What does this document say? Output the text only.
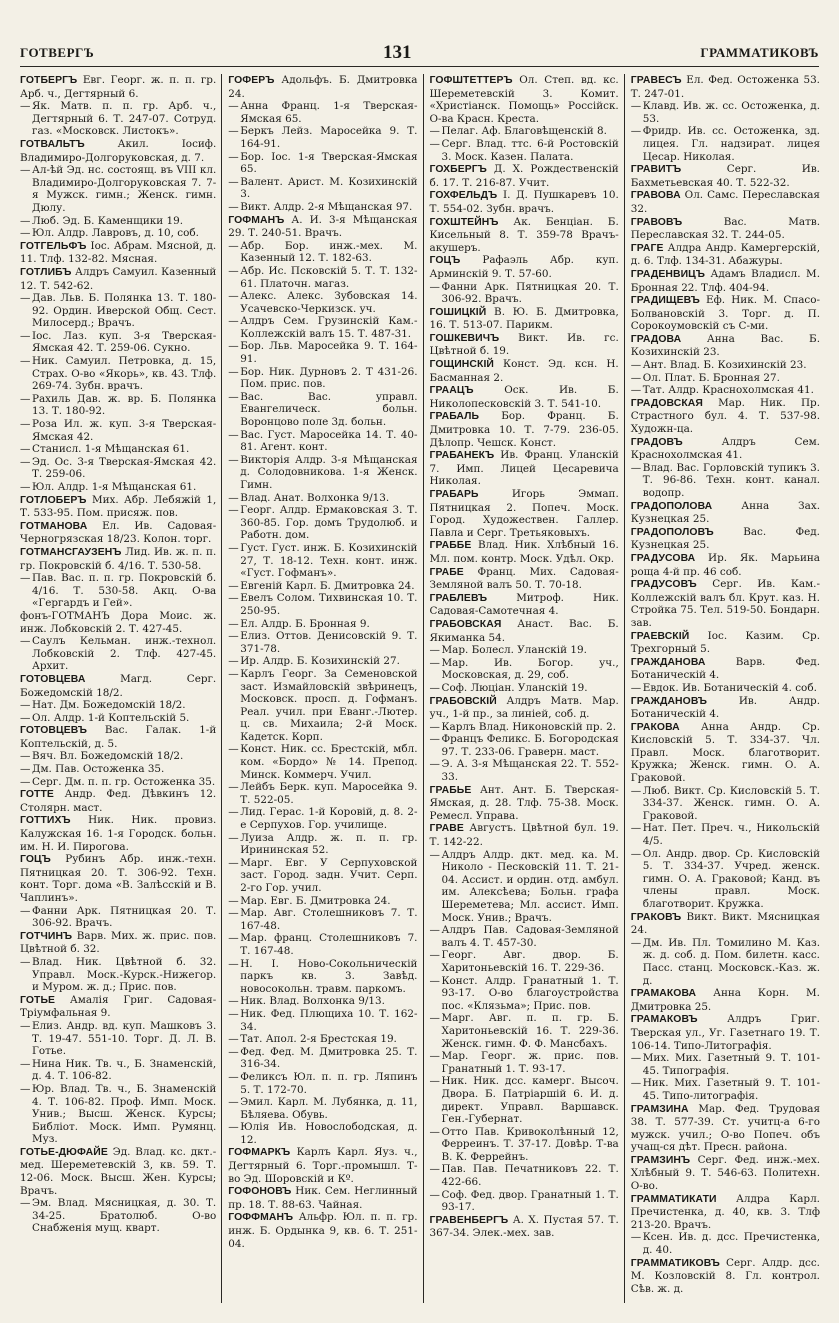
ГОТВЕРГЪ	131	ГРАММАТИКОВЪ

ГОТБЕРГЪ Евг. Георг. ж. п. п. гр. Арб. ч., Дегтярный 6.

— Як. Матв. п. п. гр. Арб. ч., Дегтярный 6. Т. 247-07. Сотруд. газ. «Московск. Листокъ».

ГОТВАЛЬТЪ Акил. Іосиф. Владимиро-Долгоруковская, д. 7.

— Ал-ѣй Эд. нс. состоящ. въ VIII кл. Владимиро-Долгоруковская 7. 7-я Мужск. гимн.; Женск. гимн. Дюлу.

— Люб. Эд. Б. Каменщики 19.

— Юл. Алдр. Лавровъ, д. 10, соб.

ГОТГЕЛЬФЪ Іос. Абрам. Мясной, д. 11. Тлф. 132-82. Мясная.

ГОТЛИБЪ Алдръ Самуил. Казенный 12. Т. 542-62.

— Дав. Льв. Б. Полянка 13. Т. 180-92. Ордин. Иверской Общ. Сест. Милосерд.; Врачъ.

— Іос. Лаз. куп. 3-я Тверская-Ямская 42. Т. 259-06. Сукно.

— Ник. Самуил. Петровка, д. 15, Страх. О-во «Якорь», кв. 43. Тлф. 269-74. Зубн. врачъ.

— Рахиль Дав. ж. вр. Б. Полянка 13. Т. 180-92.

— Роза Ил. ж. куп. 3-я Тверская-Ямская 42.

— Станисл. 1-я Мѣщанская 61.

— Эд. Ос. 3-я Тверская-Ямская 42. Т. 259-06.

— Юл. Алдр. 1-я Мѣщанская 61.

ГОТЛОБЕРЪ Мих. Абр. Лебяжій 1, Т. 533-95. Пом. присяж. пов.

ГОТМАНОВА Ел. Ив. Садовая-Черногрязская 18/23. Колон. торг.

ГОТМАНСГАУЗЕНЪ Лид. Ив. ж. п. п. гр. Покровскій б. 4/16. Т. 530-58.

— Пав. Вас. п. п. гр. Покровскій б. 4/16. Т. 530-58. Акц. О-ва «Гергардъ и Гей».

фонъ-ГОТМАНЪ Дора Моис. ж. инж. Лобковскій 2. Т. 427-45.

— Саулъ Кельман. инж.-технол. Лобковскій 2. Тлф. 427-45. Архит.

ГОТОВЦЕВА Магд. Серг. Божедомскій 18/2.

— Нат. Дм. Божедомскій 18/2.

— Ол. Алдр. 1-й Коптельскій 5.

ГОТОВЦЕВЪ Вас. Галак. 1-й Коптельскій, д. 5.

— Вяч. Вл. Божедомскій 18/2.

— Дм. Пав. Остоженка 35.

— Серг. Дм. п. п. гр. Остоженка 35.

ГОТТЕ Андр. Фед. Дѣвкинъ 12. Столярн. маст.

ГОТТИХЪ Ник. Ник. провиз. Калужская 16. 1-я Городск. больн. им. Н. И. Пирогова.

ГОЦЪ Рубинъ Абр. инж.-техн. Пятницкая 20. Т. 306-92. Техн. конт. Торг. дома «В. Залѣсскій и В. Чаплинъ».

— Фанни Арк. Пятницкая 20. Т. 306-92. Врачъ.

ГОТЧИНЪ Варв. Мих. ж. прис. пов. Цвѣтной б. 32.

— Влад. Ник. Цвѣтной б. 32. Управл. Моск.-Курск.-Нижегор. и Муром. ж. д.; Прис. пов.

ГОТЬЕ Амалія Григ. Садовая-Тріумфальная 9.

— Елиз. Андр. вд. куп. Машковъ 3. Т. 19-47. 551-10. Торг. Д. Л. В. Готье.

— Нина Ник. Тв. ч., Б. Знаменскій, д. 4. Т. 106-82.

— Юр. Влад. Тв. ч., Б. Знаменскій 4. Т. 106-82. Проф. Имп. Моск. Унив.; Высш. Женск. Курсы; Библіот. Моск. Имп. Румянц. Муз.

ГОТЬЕ-ДЮФАЙЕ Эд. Влад. кс. дкт.-мед. Шереметевскій 3, кв. 59. Т. 12-06. Моск. Высш. Жен. Курсы; Врачъ.

— Эм. Влад. Мясницкая, д. 30. Т. 34-25. Братолюб. О-во Снабженія мущ. кварт.

ГОФЕРЪ Адольфъ. Б. Дмитровка 24.

— Анна Франц. 1-я Тверская-Ямская 65.

— Беркъ Лейз. Маросейка 9. Т. 164-91.

— Бор. Іос. 1-я Тверская-Ямская 65.

— Валент. Арист. М. Козихинскій 3.

— Викт. Алдр. 2-я Мѣщанская 97.

ГОФМАНЪ А. И. 3-я Мѣщанская 29. Т. 240-51. Врачъ.

— Абр. Бор. инж.-мех. М. Казенный 12. Т. 182-63.

— Абр. Ис. Псковскій 5. Т. Т. 132-61. Платочн. магаз.

— Алекс. Алекс. Зубовская 14. Усачевско-Черкизск. уч.

— Алдръ Сем. Грузинскій Кам.-Коллежскій валъ 15. Т. 487-31.

— Бор. Льв. Маросейка 9. Т. 164-91.

— Бор. Ник. Дурновъ 2. Т 431-26. Пом. прис. пов.

— Вас. Вас. управл. Евангелическ. больн. Воронцово поле 3д. больн.

— Вас. Густ. Маросейка 14. Т. 40-81. Агент. конт.

— Викторія Алдр. 3-я Мѣщанская д. Солодовникова. 1-я Женск. Гимн.

— Влад. Анат. Волхонка 9/13.

— Георг. Алдр. Ермаковская 3. Т. 360-85. Гор. домъ Трудолюб. и Работн. дом.

— Густ. Густ. инж. Б. Козихинскій 27, Т. 18-12. Техн. конт. инж. «Густ. Гофманъ».

— Евгеній Карл. Б. Дмитровка 24.

— Евелъ Солом. Тихвинская 10. Т. 250-95.

— Ел. Алдр. Б. Бронная 9.

— Елиз. Оттов. Денисовскій 9. Т. 371-78.

— Ир. Алдр. Б. Козихинскій 27.

— Карлъ Георг. За Семеновской заст. Измайловскій звѣринецъ, Московск. просп. д. Гофманъ. Реал. учил. при Еванг.-Лютер. ц. св. Михаила; 2-й Моск. Кадетск. Корп.

— Конст. Ник. сс. Брестскій, мбл. ком. «Бордо» № 14. Препод. Минск. Коммерч. Учил.

— Лейбъ Берк. куп. Маросейка 9. Т. 522-05.

— Лид. Герас. 1-й Коровій, д. 8. 2-е Серпухов. Гор. училище.

— Луиза Алдр. ж. п. п. гр. Ирининская 52.

— Марг. Евг. У Серпуховской заст. Город. задн. Учит. Серп. 2-го Гор. учил.

— Мар. Евг. Б. Дмитровка 24.

— Мар. Авг. Столешниковъ 7. Т. 167-48.

— Мар. франц. Столешниковъ 7. Т. 167-48.

— Н. І. Ново-Сокольническій паркъ кв. 3. Завѣд. новосокольн. травм. паркомъ.

— Ник. Влад. Волхонка 9/13.

— Ник. Фед. Плющиха 10. Т. 162-34.

— Тат. Апол. 2-я Брестская 19.

— Фед. Фед. М. Дмитровка 25. Т. 316-34.

— Феликсъ Юл. п. п. гр. Ляпинъ 5. Т. 172-70.

— Эмил. Карл. М. Лубянка, д. 11, Бѣляева. Обувь.

— Юлія Ив. Новослободская, д. 12.

ГОФМАРКЪ Карлъ Карл. Яуз. ч., Дегтярный 6. Торг.-промышл. Т-во Эд. Шоровскій и Кº.

ГОФОНОВЪ Ник. Сем. Неглинный пр. 18. Т. 88-63. Чайная.

ГОФФМАНЪ Альфр. Юл. п. п. гр. инж. Б. Ордынка 9, кв. 6. Т. 251-04.

ГОФШТЕТТЕРЪ Ол. Степ. вд. кс. Шереметевскій 3. Комит. «Христіанск. Помощь» Россійск. О-ва Красн. Креста.

— Пелаг. Аф. Благовѣщенскій 8.

— Серг. Влад. ттс. 6-й Ростовскій 3. Моск. Казен. Палата.

ГОХБЕРГЪ Д. Х. Рождественскій б. 17. Т. 216-87. Учит.

ГОХФЕЛЬДЪ І. Д. Пушкаревъ 10. Т. 554-02. Зубн. врачъ.

ГОХШТЕЙНЪ Ак. Бенціан. Б. Кисельный 8. Т. 359-78 Врачъ-акушеръ.

ГОЦЪ Рафаэль Абр. куп. Арминскій 9. Т. 57-60.

— Фанни Арк. Пятницкая 20. Т. 306-92. Врачъ.

ГОШИЦКІЙ В. Ю. Б. Дмитровка, 16. Т. 513-07. Парикм.

ГОШКЕВИЧЪ Викт. Ив. гс. Цвѣтной б. 19.

ГОЩИНСКІЙ Конст. Эд. ксн. Н. Басманная 2.

ГРААЦЪ Оск. Ив. Б. Николопесковскій 3. Т. 541-10.

ГРАБАЛЬ Бор. Франц. Б. Дмитровка 10. Т. 7-79. 236-05. Дѣлопр. Чешск. Конст.

ГРАБАНЕКЪ Ив. Франц. Уланскій 7. Имп. Лицей Цесаревича Николая.

ГРАБАРЬ Игорь Эммап. Пятницкая 2. Попеч. Моск. Город. Художествен. Галлер. Павла и Серг. Третьяковыхъ.

ГРАББЕ Влад. Ник. Хлѣбный 16. Мл. пом. контр. Моск. Удѣл. Окр.

ГРАБЕ Франц. Мих. Садовая-Земляной валъ 50. Т. 70-18.

ГРАБЛЕВЪ Митроф. Ник. Садовая-Самотечная 4.

ГРАБОВСКАЯ Анаст. Вас. Б. Якиманка 54.

— Мар. Болесл. Уланскій 19.

— Мар. Ив. Богор. уч., Московская, д. 29, соб.

— Соф. Люціан. Уланскій 19.

ГРАБОВСКІЙ Алдръ Матв. Мар. уч., 1-й пр., за линіей, соб. д.

— Карлъ Влад. Никоновскій пр. 2.

— Францъ Феликс. Б. Богородская 97. Т. 233-06. Граверн. маст.

— Э. А. 3-я Мѣщанская 22. Т. 552-33.

ГРАБЬЕ Ант. Ант. Б. Тверская-Ямская, д. 28. Тлф. 75-38. Моск. Ремесл. Управа.

ГРАВЕ Августъ. Цвѣтной бул. 19. Т. 142-22.

— Алдръ Алдр. дкт. мед. ка. М. Николо - Песковскій 11. Т. 21-04. Ассист. и ордин. отд. амбул. им. Алексѣева; Больн. графа Шереметева; Мл. ассист. Имп. Моск. Унив.; Врачъ.

— Алдръ Пав. Садовая-Земляной валъ 4. Т. 457-30.

— Георг. Авг. двор. Б. Харитоньевскій 16. Т. 229-36.

— Конст. Алдр. Гранатный 1. Т. 93-17. О-во благоустройства пос. «Клязьма»; Прис. пов.

— Марг. Авг. п. п. гр. Б. Харитоньевскій 16. Т. 229-36. Женск. гимн. Ф. Ф. Мансбахъ.

— Мар. Георг. ж. прис. пов. Гранатный 1. Т. 93-17.

— Ник. Ник. дсс. камерг. Высоч. Двора. Б. Патріаршій 6. И. д. директ. Управл. Варшавск. Ген.-Губернат.

— Отто Пав. Кривоколѣнный 12, Ферреинъ. Т. 37-17. Довѣр. Т-ва В. К. Феррейнъ.

— Пав. Пав. Печатниковъ 22. Т. 422-66.

— Соф. Фед. двор. Гранатный 1. Т. 93-17.

ГРАВЕНБЕРГЪ А. Х. Пустая 57. Т. 367-34. Элек.-мех. зав.

ГРАВЕСЪ Ел. Фед. Остоженка 53. Т. 247-01.

— Клавд. Ив. ж. сс. Остоженка, д. 53.

— Фридр. Ив. сс. Остоженка, зд. лицея. Гл. надзират. лицея Цесар. Николая.

ГРАВИТЪ Серг. Ив. Бахметьевская 40. Т. 522-32.

ГРАВОВА Ол. Самс. Переславская 32.

ГРАВОВЪ Вас. Матв. Переславская 32. Т. 244-05.

ГРАГЕ Алдра Андр. Камергерскій, д. 6. Тлф. 134-31. Абажуры.

ГРАДЕНВИЦЪ Адамъ Владисл. М. Бронная 22. Тлф. 404-94.

ГРАДИЩЕВЪ Еф. Ник. М. Спасо-Болвановскій 3. Торг. д. П. Сорокоумовскій съ С-ми.

ГРАДОВА Анна Вас. Б. Козихинскій 23.

— Ант. Влад. Б. Козихинскій 23.

— Ол. Плат. Б. Бронная 27.

— Тат. Алдр. Краснохолмская 41.

ГРАДОВСКАЯ Мар. Ник. Пр. Страстного бул. 4. Т. 537-98. Художн-ца.

ГРАДОВЪ Алдръ Сем. Краснохолмская 41.

— Влад. Вас. Горловскій тупикъ 3. Т. 96-86. Техн. конт. канал. водопр.

ГРАДОПОЛОВА Анна Зах. Кузнецкая 25.

ГРАДОПОЛОВЪ Вас. Фед. Кузнецкая 25.

ГРАДУСОВА Ир. Як. Марьина роща 4-й пр. 46 соб.

ГРАДУСОВЪ Серг. Ив. Кам.-Коллежскій валъ бл. Крут. каз. Н. Стройка 75. Тел. 519-50. Бондарн. зав.

ГРАЕВСКІЙ Іос. Казим. Ср. Трехгорный 5.

ГРАЖДАНОВА Варв. Фед. Ботаническій 4.

— Евдок. Ив. Ботаническій 4. соб.

ГРАЖДАНОВЪ Ив. Андр. Ботаническій 4.

ГРАКОВА Анна Андр. Ср. Кисловскій 5. Т. 334-37. Чл. Правл. Моск. благотворит. Кружка; Женск. гимн. О. А. Граковой.

— Люб. Викт. Ср. Кисловскій 5. Т. 334-37. Женск. гимн. О. А. Граковой.

— Нат. Пет. Преч. ч., Никольскій 4/5.

— Ол. Андр. двор. Ср. Кисловскій 5. Т. 334-37. Учред. женск. гимн. О. А. Граковой; Канд. въ члены правл. Моск. благотворит. Кружка.

ГРАКОВЪ Викт. Викт. Мясницкая 24.

— Дм. Ив. Пл. Томилино М. Каз. ж. д. соб. д. Пом. билетн. касс. Пасс. станц. Московск.-Каз. ж. д.

ГРАМАКОВА Анна Корн. М. Дмитровка 25.

ГРАМАКОВЪ Алдръ Григ. Тверская ул., Уг. Газетнаго 19. Т. 106-14. Типо-Литографія.

— Мих. Мих. Газетный 9. Т. 101-45. Типографія.

— Ник. Мих. Газетный 9. Т. 101-45. Типо-литографія.

ГРАМЗИНА Мар. Фед. Трудовая 38. Т. 577-39. Ст. учитц-а 6-го мужск. учил.; О-во Попеч. объ учащ-ся дѣт. Пресн. района.

ГРАМЗИНЪ Серг. Фед. инж.-мех. Хлѣбный 9. Т. 546-63. Политехн. О-во.

ГРАММАТИКАТИ Алдра Карл. Пречистенка, д. 40, кв. 3. Тлф 213-20. Врачъ.

— Ксен. Ив. д. дсс. Пречистенка, д. 40.

ГРАММАТИКОВЪ Серг. Алдр. дсс. М. Козловскій 8. Гл. контрол. Сѣв. ж. д.
